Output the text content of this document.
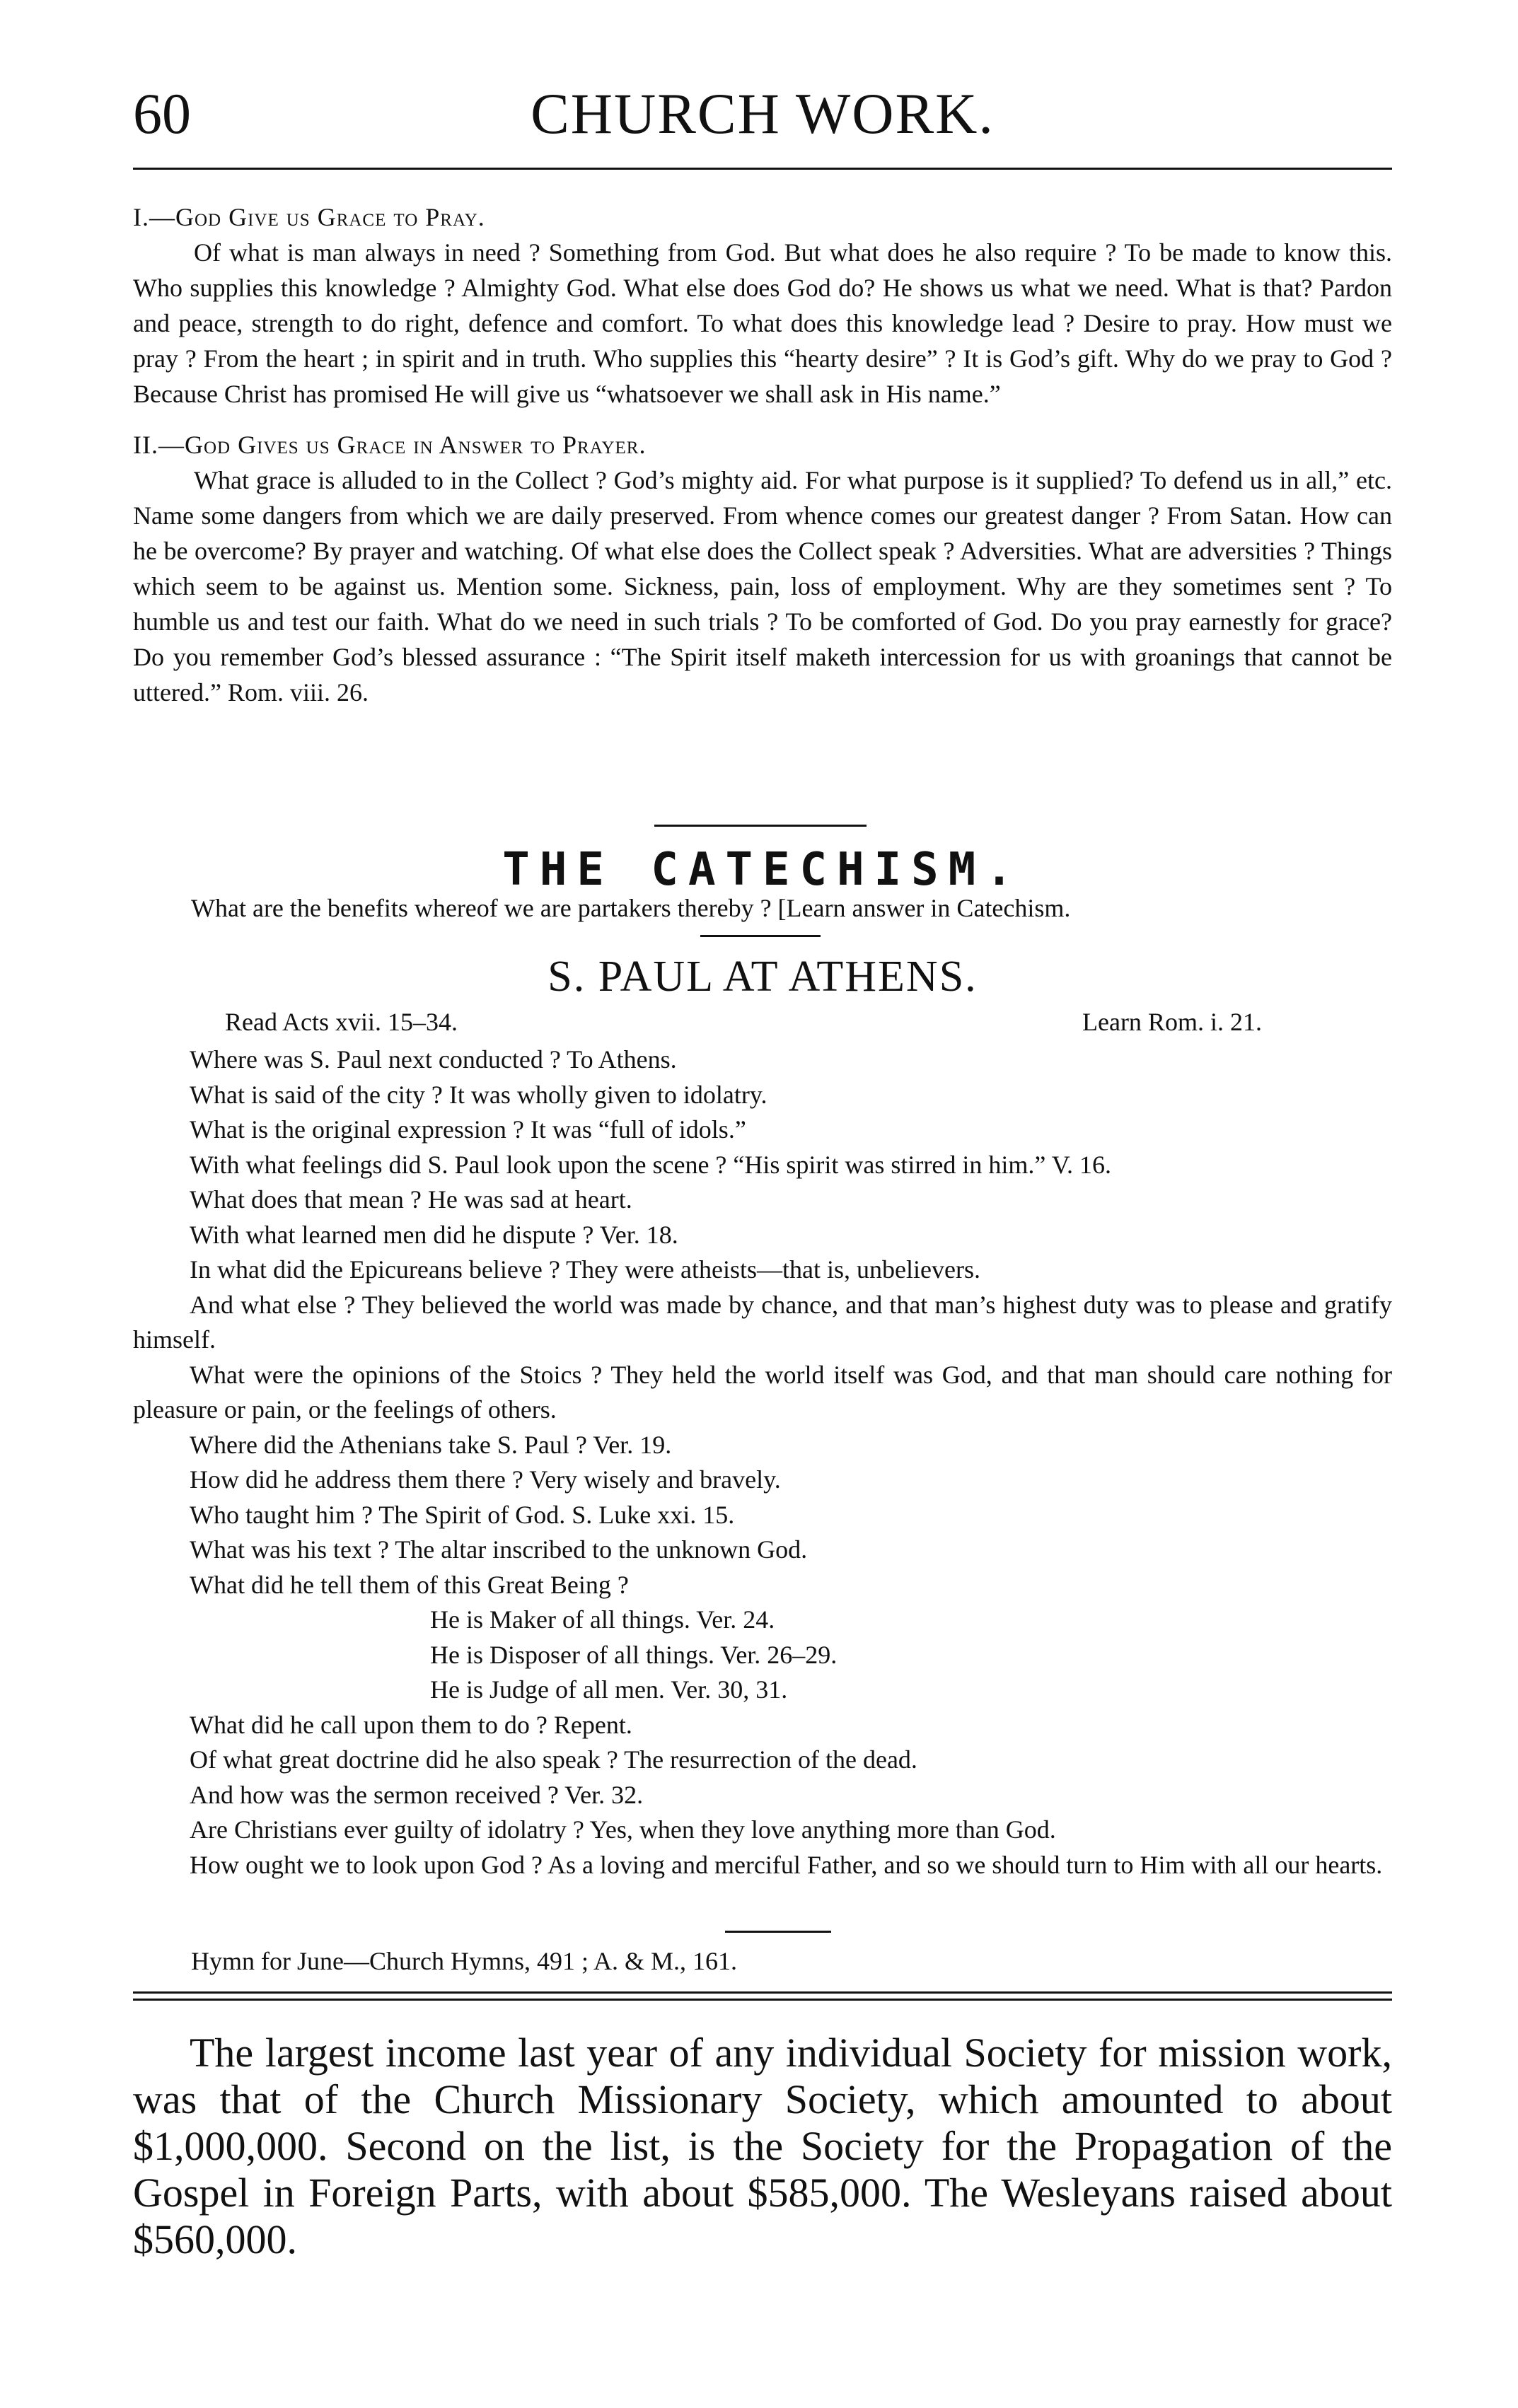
60	CHURCH WORK.

I.—God Give us Grace to Pray.

Of what is man always in need ? Something from God. But what does he also require ? To be made to know this. Who supplies this knowledge ? Almighty God. What else does God do? He shows us what we need. What is that? Pardon and peace, strength to do right, defence and comfort. To what does this knowledge lead ? Desire to pray. How must we pray ? From the heart ; in spirit and in truth. Who supplies this “hearty desire” ? It is God’s gift. Why do we pray to God ? Because Christ has promised He will give us “whatsoever we shall ask in His name.”

II.—God Gives us Grace in Answer to Prayer.

What grace is alluded to in the Collect ? God’s mighty aid. For what purpose is it supplied? To defend us in all,” etc. Name some dangers from which we are daily preserved. From whence comes our greatest danger ? From Satan. How can he be overcome? By prayer and watching. Of what else does the Collect speak ? Adversities. What are adversities ? Things which seem to be against us. Mention some. Sickness, pain, loss of employment. Why are they sometimes sent ? To humble us and test our faith. What do we need in such trials ? To be comforted of God. Do you pray earnestly for grace? Do you remember God’s blessed assurance : “The Spirit itself maketh intercession for us with groanings that cannot be uttered.” Rom. viii. 26.

THE CATECHISM.
What are the benefits whereof we are partakers thereby ? [Learn answer in Catechism.
S. PAUL AT ATHENS.
Read Acts xvii. 15–34.	Learn Rom. i. 21.

Where was S. Paul next conducted ? To Athens.

What is said of the city ? It was wholly given to idolatry.

What is the original expression ? It was “full of idols.”

With what feelings did S. Paul look upon the scene ? “His spirit was stirred in him.” V. 16.

What does that mean ? He was sad at heart.

With what learned men did he dispute ? Ver. 18.

In what did the Epicureans believe ? They were atheists—that is, unbelievers.

And what else ? They believed the world was made by chance, and that man’s highest duty was to please and gratify himself.

What were the opinions of the Stoics ? They held the world itself was God, and that man should care nothing for pleasure or pain, or the feelings of others.

Where did the Athenians take S. Paul ? Ver. 19.

How did he address them there ? Very wisely and bravely.

Who taught him ? The Spirit of God. S. Luke xxi. 15.

What was his text ? The altar inscribed to the unknown God.

What did he tell them of this Great Being ?

He is Maker of all things. Ver. 24.

He is Disposer of all things. Ver. 26–29.

He is Judge of all men. Ver. 30, 31.

What did he call upon them to do ? Repent.

Of what great doctrine did he also speak ? The resurrection of the dead.

And how was the sermon received ? Ver. 32.

Are Christians ever guilty of idolatry ? Yes, when they love anything more than God.

How ought we to look upon God ? As a loving and merciful Father, and so we should turn to Him with all our hearts.

Hymn for June—Church Hymns, 491 ; A. & M., 161.

The largest income last year of any individual Society for mission work, was that of the Church Missionary Society, which amounted to about $1,000,000. Second on the list, is the Society for the Propagation of the Gospel in Foreign Parts, with about $585,000. The Wesleyans raised about $560,000.
